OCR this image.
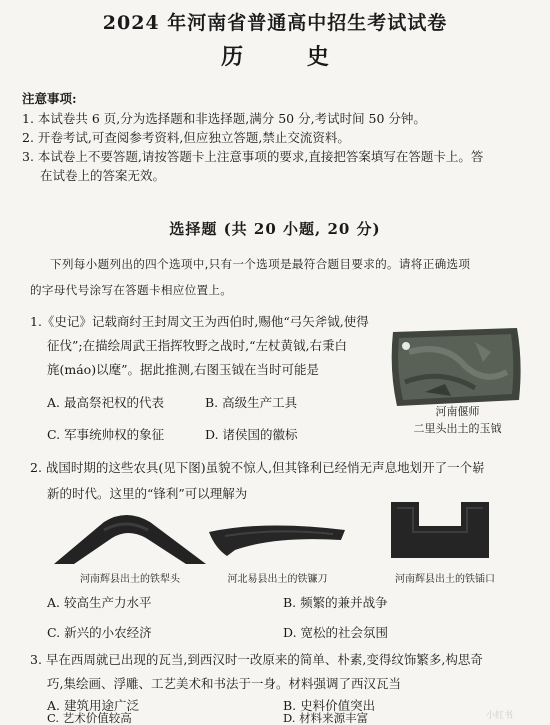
2024 年河南省普通高中招生考试试卷
历 史
注意事项:
1. 本试卷共 6 页,分为选择题和非选择题,满分 50 分,考试时间 50 分钟。
2. 开卷考试,可查阅参考资料,但应独立答题,禁止交流资料。
3. 本试卷上不要答题,请按答题卡上注意事项的要求,直接把答案填写在答题卡上。答
在试卷上的答案无效。
选择题 (共 20 小题, 20 分)
下列每小题列出的四个选项中,只有一个选项是最符合题目要求的。请将正确选项
的字母代号涂写在答题卡相应位置上。
1.《史记》记载商纣王封周文王为西伯时,赐他“弓矢斧钺,使得
征伐”;在描绘周武王指挥牧野之战时,“左杖黄钺,右秉白
旄(máo)以麾”。据此推测,右图玉钺在当时可能是
A. 最高祭祀权的代表	B. 高级生产工具
C. 军事统帅权的象征	D. 诸侯国的徽标
河南偃师
二里头出土的玉钺
2. 战国时期的这些农具(见下图)虽貌不惊人,但其锋利已经悄无声息地划开了一个崭
新的时代。这里的“锋利”可以理解为
河南辉县出土的铁犁头	河北易县出土的铁镰刀	河南辉县出土的铁锸口
A. 较高生产力水平	B. 频繁的兼并战争
C. 新兴的小农经济	D. 宽松的社会氛围
3. 早在西周就已出现的瓦当,到西汉时一改原来的简单、朴素,变得纹饰繁多,构思奇
巧,集绘画、浮雕、工艺美术和书法于一身。材料强调了西汉瓦当
A. 建筑用途广泛	B. 史料价值突出
C. 艺术价值较高	D. 材料来源丰富	小红书
